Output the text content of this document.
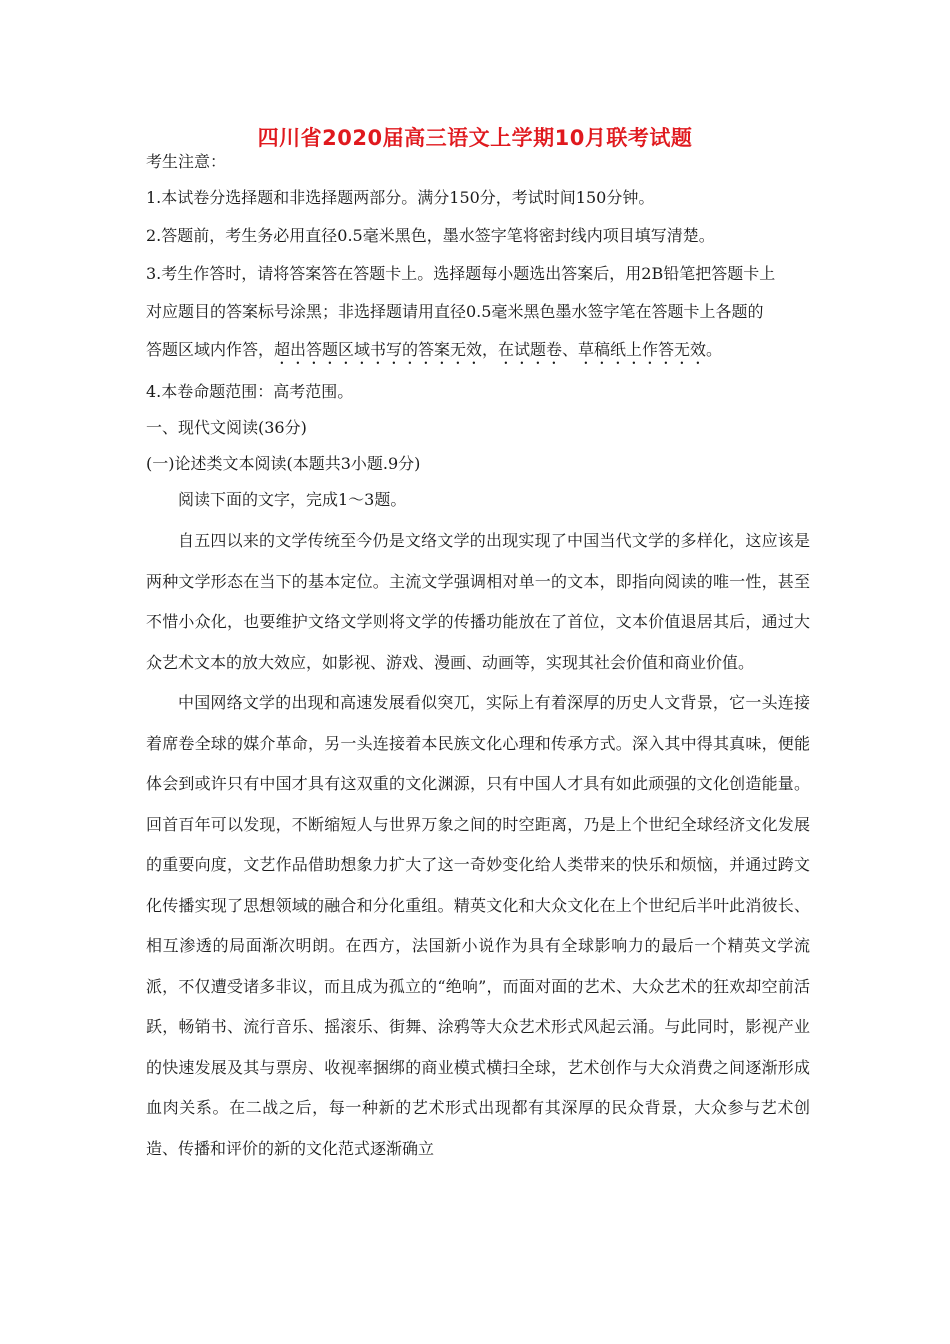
四川省2020届高三语文上学期10月联考试题
考生注意：
1.本试卷分选择题和非选择题两部分。满分150分，考试时间150分钟。
2.答题前，考生务必用直径0.5毫米黑色，墨水签字笔将密封线内项目填写清楚。
3.考生作答时，请将答案答在答题卡上。选择题每小题选出答案后，用2B铅笔把答题卡上
对应题目的答案标号涂黑；非选择题请用直径0.5毫米黑色墨水签字笔在答题卡上各题的
答题区域内作答，超出答题区域书写的答案无效，在试题卷、草稿纸上作答无效。
4.本卷命题范围：高考范围。
一、现代文阅读(36分)
(一)论述类文本阅读(本题共3小题.9分)
阅读下面的文字，完成1～3题。

自五四以来的文学传统至今仍是文络文学的出现实现了中国当代文学的多样化，这应该是两种文学形态在当下的基本定位。主流文学强调相对单一的文本，即指向阅读的唯一性，甚至不惜小众化，也要维护文络文学则将文学的传播功能放在了首位，文本价值退居其后，通过大众艺术文本的放大效应，如影视、游戏、漫画、动画等，实现其社会价值和商业价值。

中国网络文学的出现和高速发展看似突兀，实际上有着深厚的历史人文背景，它一头连接着席卷全球的媒介革命，另一头连接着本民族文化心理和传承方式。深入其中得其真味，便能体会到或许只有中国才具有这双重的文化渊源，只有中国人才具有如此顽强的文化创造能量。回首百年可以发现，不断缩短人与世界万象之间的时空距离，乃是上个世纪全球经济文化发展的重要向度，文艺作品借助想象力扩大了这一奇妙变化给人类带来的快乐和烦恼，并通过跨文化传播实现了思想领域的融合和分化重组。精英文化和大众文化在上个世纪后半叶此消彼长、相互渗透的局面渐次明朗。在西方，法国新小说作为具有全球影响力的最后一个精英文学流派，不仅遭受诸多非议，而且成为孤立的“绝响”，而面对面的艺术、大众艺术的狂欢却空前活跃，畅销书、流行音乐、摇滚乐、街舞、涂鸦等大众艺术形式风起云涌。与此同时，影视产业的快速发展及其与票房、收视率捆绑的商业模式横扫全球，艺术创作与大众消费之间逐渐形成血肉关系。在二战之后，每一种新的艺术形式出现都有其深厚的民众背景，大众参与艺术创造、传播和评价的新的文化范式逐渐确立
